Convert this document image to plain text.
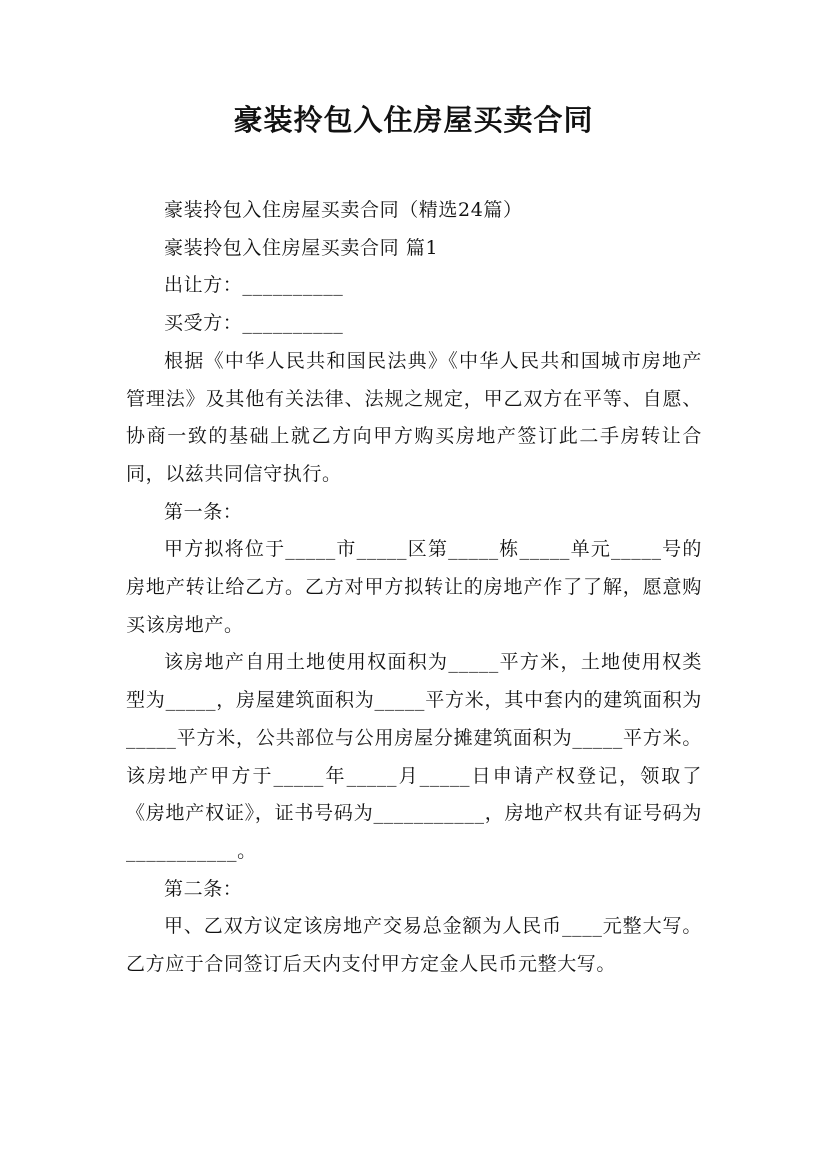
豪装拎包入住房屋买卖合同

豪装拎包入住房屋买卖合同（精选24篇）

豪装拎包入住房屋买卖合同 篇1

出让方：__________

买受方：__________

根据《中华人民共和国民法典》《中华人民共和国城市房地产管理法》及其他有关法律、法规之规定，甲乙双方在平等、自愿、协商一致的基础上就乙方向甲方购买房地产签订此二手房转让合同，以兹共同信守执行。

第一条：

甲方拟将位于_____市_____区第_____栋_____单元_____号的房地产转让给乙方。乙方对甲方拟转让的房地产作了了解，愿意购买该房地产。

该房地产自用土地使用权面积为_____平方米，土地使用权类型为_____，房屋建筑面积为_____平方米，其中套内的建筑面积为_____平方米，公共部位与公用房屋分摊建筑面积为_____平方米。该房地产甲方于_____年_____月_____日申请产权登记，领取了《房地产权证》，证书号码为___________，房地产权共有证号码为___________。

第二条：

甲、乙双方议定该房地产交易总金额为人民币____元整大写。乙方应于合同签订后天内支付甲方定金人民币元整大写。
